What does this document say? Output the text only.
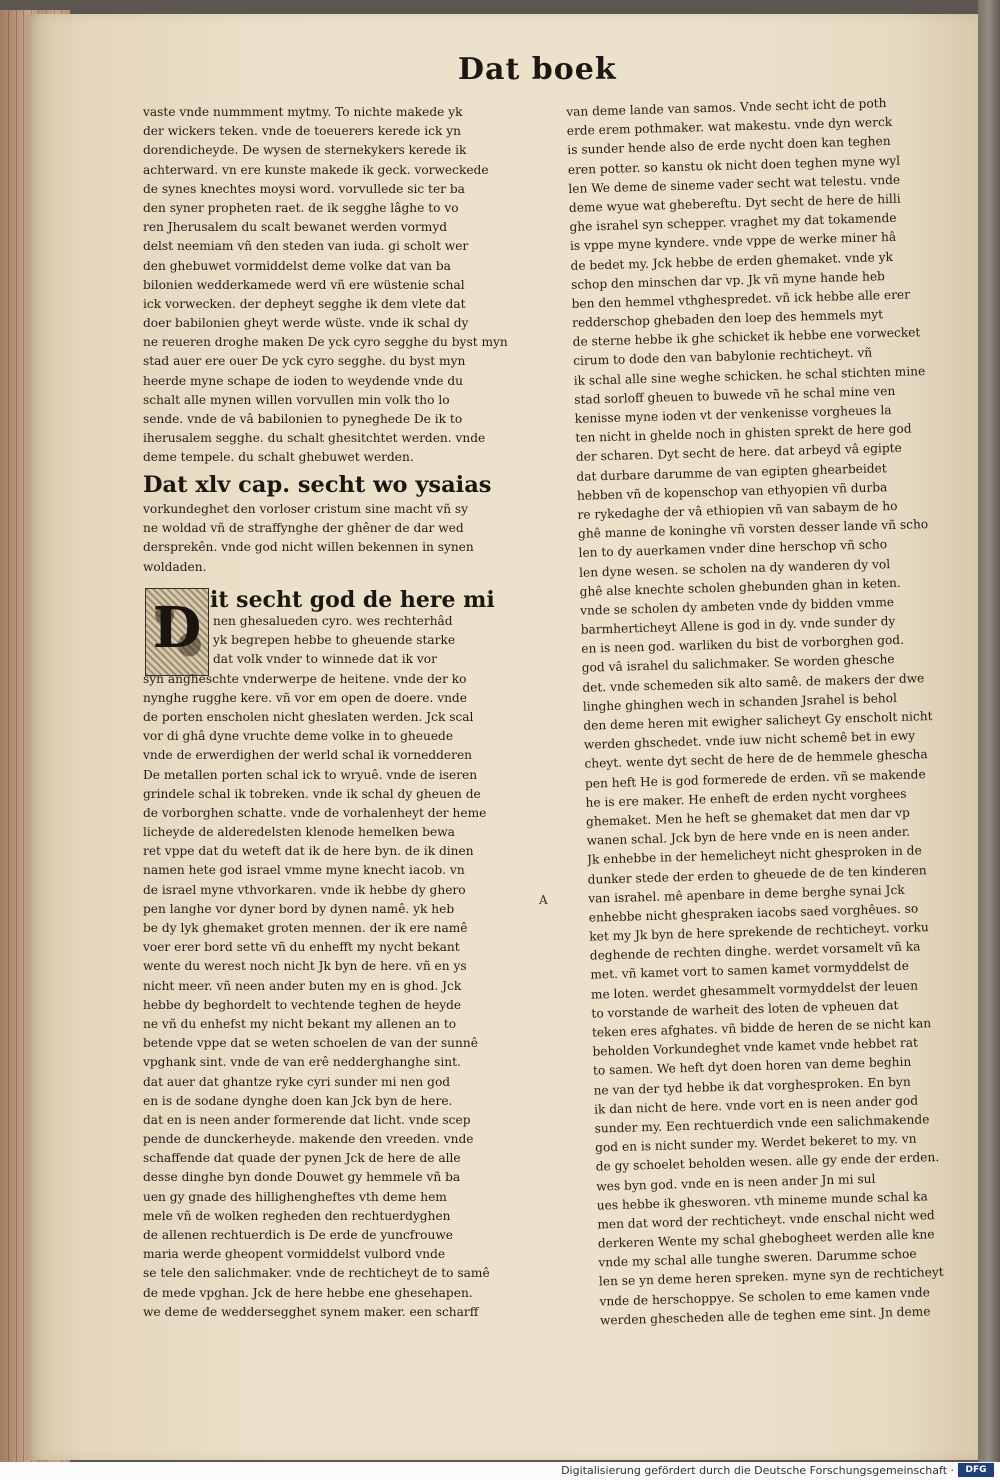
Dat boek
vaste vnde nummment mytmy. To nichte makede yk
der wickers teken. vnde de toeuerers kerede ick yn
dorendicheyde. De wysen de sternekykers kerede ik
achterward. vn ere kunste makede ik geck. vorweckede
de synes knechtes moysi word. vorvullede sic ter ba
den syner propheten raet. de ik segghe lâghe to vo
ren Jherusalem du scalt bewanet werden vormyd
delst neemiam vñ den steden van iuda. gi scholt wer
den ghebuwet vormiddelst deme volke dat van ba
bilonien wedderkamede werd vñ ere wüstenie schal
ick vorwecken. der depheyt segghe ik dem vlete dat
doer babilonien gheyt werde wüste. vnde ik schal dy
ne reueren droghe maken De yck cyro segghe du byst myn
stad auer ere ouer De yck cyro segghe. du byst myn
heerde myne schape de ioden to weydende vnde du
schalt alle mynen willen vorvullen min volk tho lo
sende. vnde de vâ babilonien to pyneghede De ik to
iherusalem segghe. du schalt ghesitchtet werden. vnde
deme tempele. du schalt ghebuwet werden.
Dat xlv cap. secht wo ysaias
vorkundeghet den vorloser cristum sine macht vñ sy
ne woldad vñ de straffynghe der ghêner de dar wed
dersprekên. vnde god nicht willen bekennen in synen
woldaden.
D it secht god de here mi
nen ghesalueden cyro. wes rechterhâd
yk begrepen hebbe to gheuende starke
dat volk vnder to winnede dat ik vor
syn angheschte vnderwerpe de heitene. vnde der ko
nynghe rugghe kere. vñ vor em open de doere. vnde
de porten enscholen nicht gheslaten werden. Jck scal
vor di ghâ dyne vruchte deme volke in to gheuede
vnde de erwerdighen der werld schal ik vornedderen
De metallen porten schal ick to wryuê. vnde de iseren
grindele schal ik tobreken. vnde ik schal dy gheuen de
de vorborghen schatte. vnde de vorhalenheyt der heme
licheyde de alderedelsten klenode hemelken bewa
ret vppe dat du weteft dat ik de here byn. de ik dinen
namen hete god israel vmme myne knecht iacob. vn
de israel myne vthvorkaren. vnde ik hebbe dy ghero
pen langhe vor dyner bord by dynen namê. yk heb
be dy lyk ghemaket groten mennen. der ik ere namê
voer erer bord sette vñ du enhefft my nycht bekant
wente du werest noch nicht Jk byn de here. vñ en ys
nicht meer. vñ neen ander buten my en is ghod. Jck
hebbe dy beghordelt to vechtende teghen de heyde
ne vñ du enhefst my nicht bekant my allenen an to
betende vppe dat se weten schoelen de van der sunnê
vpghank sint. vnde de van erê nedderghanghe sint.
dat auer dat ghantze ryke cyri sunder mi nen god
en is de sodane dynghe doen kan Jck byn de here.
dat en is neen ander formerende dat licht. vnde scep
pende de dunckerheyde. makende den vreeden. vnde
schaffende dat quade der pynen Jck de here de alle
desse dinghe byn donde Douwet gy hemmele vñ ba
uen gy gnade des hillighengheftes vth deme hem
mele vñ de wolken regheden den rechtuerdyghen
de allenen rechtuerdich is De erde de yuncfrouwe
maria werde gheopent vormiddelst vulbord vnde
se tele den salichmaker. vnde de rechticheyt de to samê
de mede vpghan. Jck de here hebbe ene ghesehapen.
we deme de weddersegghet synem maker. een scharff
van deme lande van samos. Vnde secht icht de poth
erde erem pothmaker. wat makestu. vnde dyn werck
is sunder hende also de erde nycht doen kan teghen
eren potter. so kanstu ok nicht doen teghen myne wyl
len We deme de sineme vader secht wat telestu. vnde
deme wyue wat ghebereftu. Dyt secht de here de hilli
ghe israhel syn schepper. vraghet my dat tokamende
is vppe myne kyndere. vnde vppe de werke miner hâ
de bedet my. Jck hebbe de erden ghemaket. vnde yk
schop den minschen dar vp. Jk vñ myne hande heb
ben den hemmel vthghespredet. vñ ick hebbe alle erer
redderschop ghebaden den loep des hemmels myt
de sterne hebbe ik ghe schicket ik hebbe ene vorwecket
cirum to dode den van babylonie rechticheyt. vñ
ik schal alle sine weghe schicken. he schal stichten mine
stad sorloff gheuen to buwede vñ he schal mine ven
kenisse myne ioden vt der venkenisse vorgheues la
ten nicht in ghelde noch in ghisten sprekt de here god
der scharen. Dyt secht de here. dat arbeyd vâ egipte
dat durbare darumme de van egipten ghearbeidet
hebben vñ de kopenschop van ethyopien vñ durba
re rykedaghe der vâ ethiopien vñ van sabaym de ho
ghê manne de koninghe vñ vorsten desser lande vñ scho
len to dy auerkamen vnder dine herschop vñ scho
len dyne wesen. se scholen na dy wanderen dy vol
ghê alse knechte scholen ghebunden ghan in keten.
vnde se scholen dy ambeten vnde dy bidden vmme
barmherticheyt Allene is god in dy. vnde sunder dy
en is neen god. warliken du bist de vorborghen god.
god vâ israhel du salichmaker. Se worden ghesche
det. vnde schemeden sik alto samê. de makers der dwe
linghe ghinghen wech in schanden Jsrahel is behol
den deme heren mit ewigher salicheyt Gy enscholt nicht
werden ghschedet. vnde iuw nicht schemê bet in ewy
cheyt. wente dyt secht de here de de hemmele ghescha
pen heft He is god formerede de erden. vñ se makende
he is ere maker. He enheft de erden nycht vorghees
ghemaket. Men he heft se ghemaket dat men dar vp
wanen schal. Jck byn de here vnde en is neen ander.
Jk enhebbe in der hemelicheyt nicht ghesproken in de
dunker stede der erden to gheuede de de ten kinderen
van israhel. mê apenbare in deme berghe synai Jck
enhebbe nicht ghespraken iacobs saed vorghêues. so
ket my Jk byn de here sprekende de rechticheyt. vorku
deghende de rechten dinghe. werdet vorsamelt vñ ka
met. vñ kamet vort to samen kamet vormyddelst de
me loten. werdet ghesammelt vormyddelst der leuen
to vorstande de warheit des loten de vpheuen dat
teken eres afghates. vñ bidde de heren de se nicht kan
beholden Vorkundeghet vnde kamet vnde hebbet rat
to samen. We heft dyt doen horen van deme beghin
ne van der tyd hebbe ik dat vorghesproken. En byn
ik dan nicht de here. vnde vort en is neen ander god
sunder my. Een rechtuerdich vnde een salichmakende
god en is nicht sunder my. Werdet bekeret to my. vn
de gy schoelet beholden wesen. alle gy ende der erden.
wes byn god. vnde en is neen ander Jn mi sul
ues hebbe ik ghesworen. vth mineme munde schal ka
men dat word der rechticheyt. vnde enschal nicht wed
derkeren Wente my schal ghebogheet werden alle kne
vnde my schal alle tunghe sweren. Darumme schoe
len se yn deme heren spreken. myne syn de rechticheyt
vnde de herschoppye. Se scholen to eme kamen vnde
werden ghescheden alle de teghen eme sint. Jn deme
A
Digitalisierung gefördert durch die Deutsche Forschungsgemeinschaft ·	DFG
